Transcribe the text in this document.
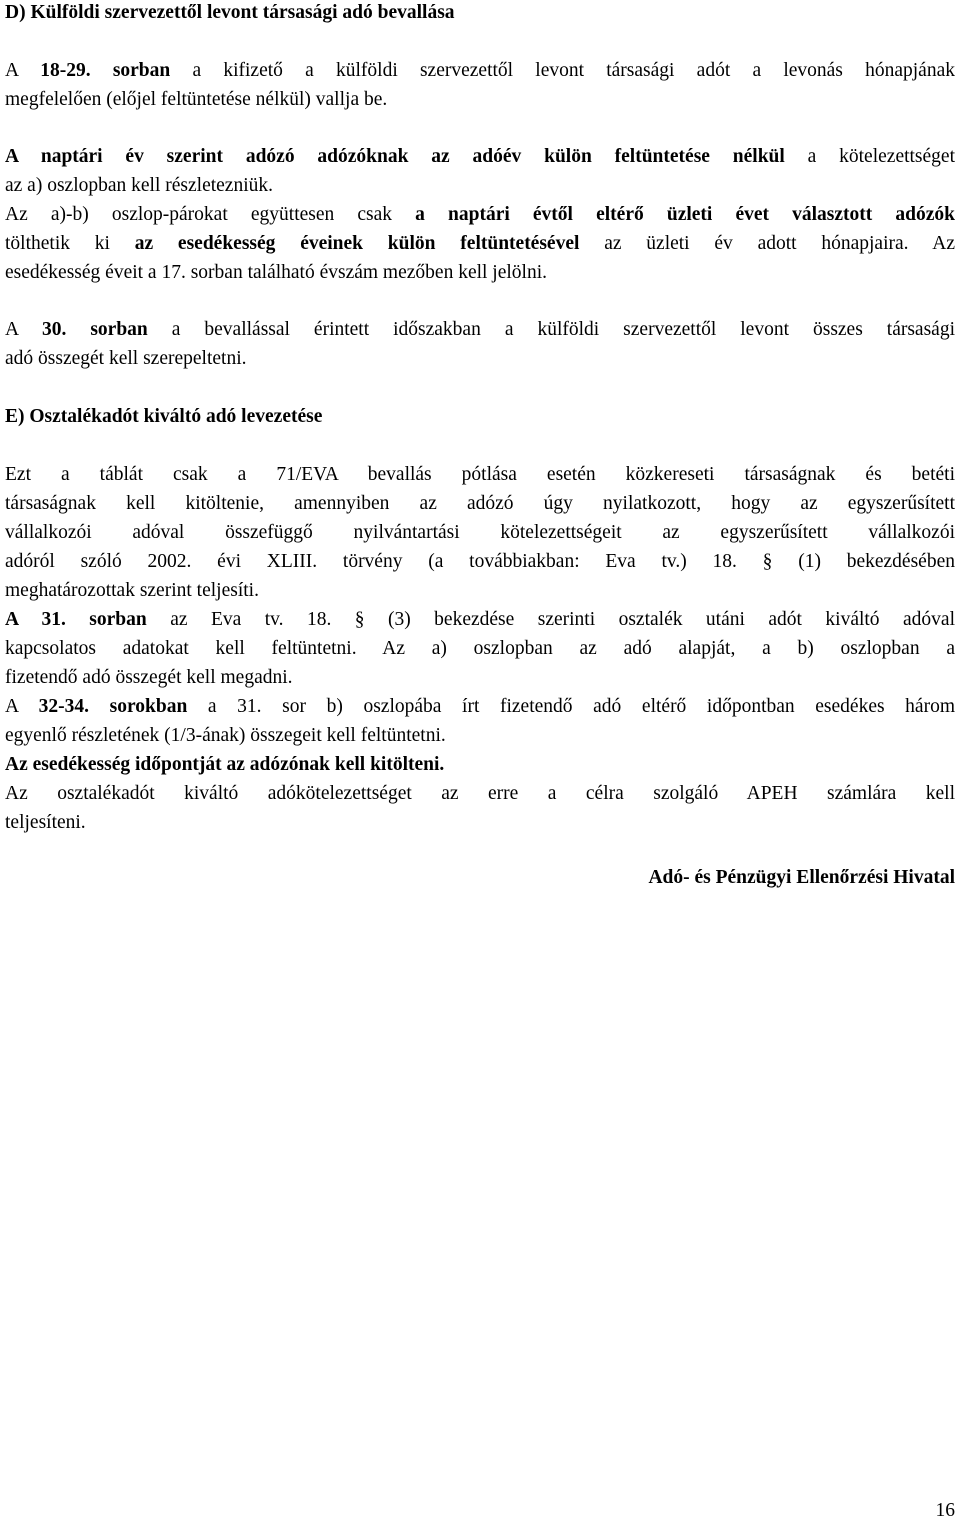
D) Külföldi szervezettől levont társasági adó bevallása
A 18-29. sorban a kifizető a külföldi szervezettől levont társasági adót a levonás hónapjának
megfelelően (előjel feltüntetése nélkül) vallja be.
A naptári év szerint adózó adózóknak az adóév külön feltüntetése nélkül a kötelezettséget
az a) oszlopban kell részletezniük.
Az a)-b) oszlop-párokat együttesen csak a naptári évtől eltérő üzleti évet választott adózók
tölthetik ki az esedékesség éveinek külön feltüntetésével az üzleti év adott hónapjaira. Az
esedékesség éveit a 17. sorban található évszám mezőben kell jelölni.
A 30. sorban a bevallással érintett időszakban a külföldi szervezettől levont összes társasági
adó összegét kell szerepeltetni.
E) Osztalékadót kiváltó adó levezetése
Ezt a táblát csak a 71/EVA bevallás pótlása esetén közkereseti társaságnak és betéti
társaságnak kell kitöltenie, amennyiben az adózó úgy nyilatkozott, hogy az egyszerűsített
vállalkozói adóval összefüggő nyilvántartási kötelezettségeit az egyszerűsített vállalkozói
adóról szóló 2002. évi XLIII. törvény (a továbbiakban: Eva tv.) 18. § (1) bekezdésében
meghatározottak szerint teljesíti.
A 31. sorban az Eva tv. 18. § (3) bekezdése szerinti osztalék utáni adót kiváltó adóval
kapcsolatos adatokat kell feltüntetni. Az a) oszlopban az adó alapját, a b) oszlopban a
fizetendő adó összegét kell megadni.
A 32-34. sorokban a 31. sor b) oszlopába írt fizetendő adó eltérő időpontban esedékes három
egyenlő részletének (1/3-ának) összegeit kell feltüntetni.
Az esedékesség időpontját az adózónak kell kitölteni.
Az osztalékadót kiváltó adókötelezettséget az erre a célra szolgáló APEH számlára kell
teljesíteni.
Adó- és Pénzügyi Ellenőrzési Hivatal
16
